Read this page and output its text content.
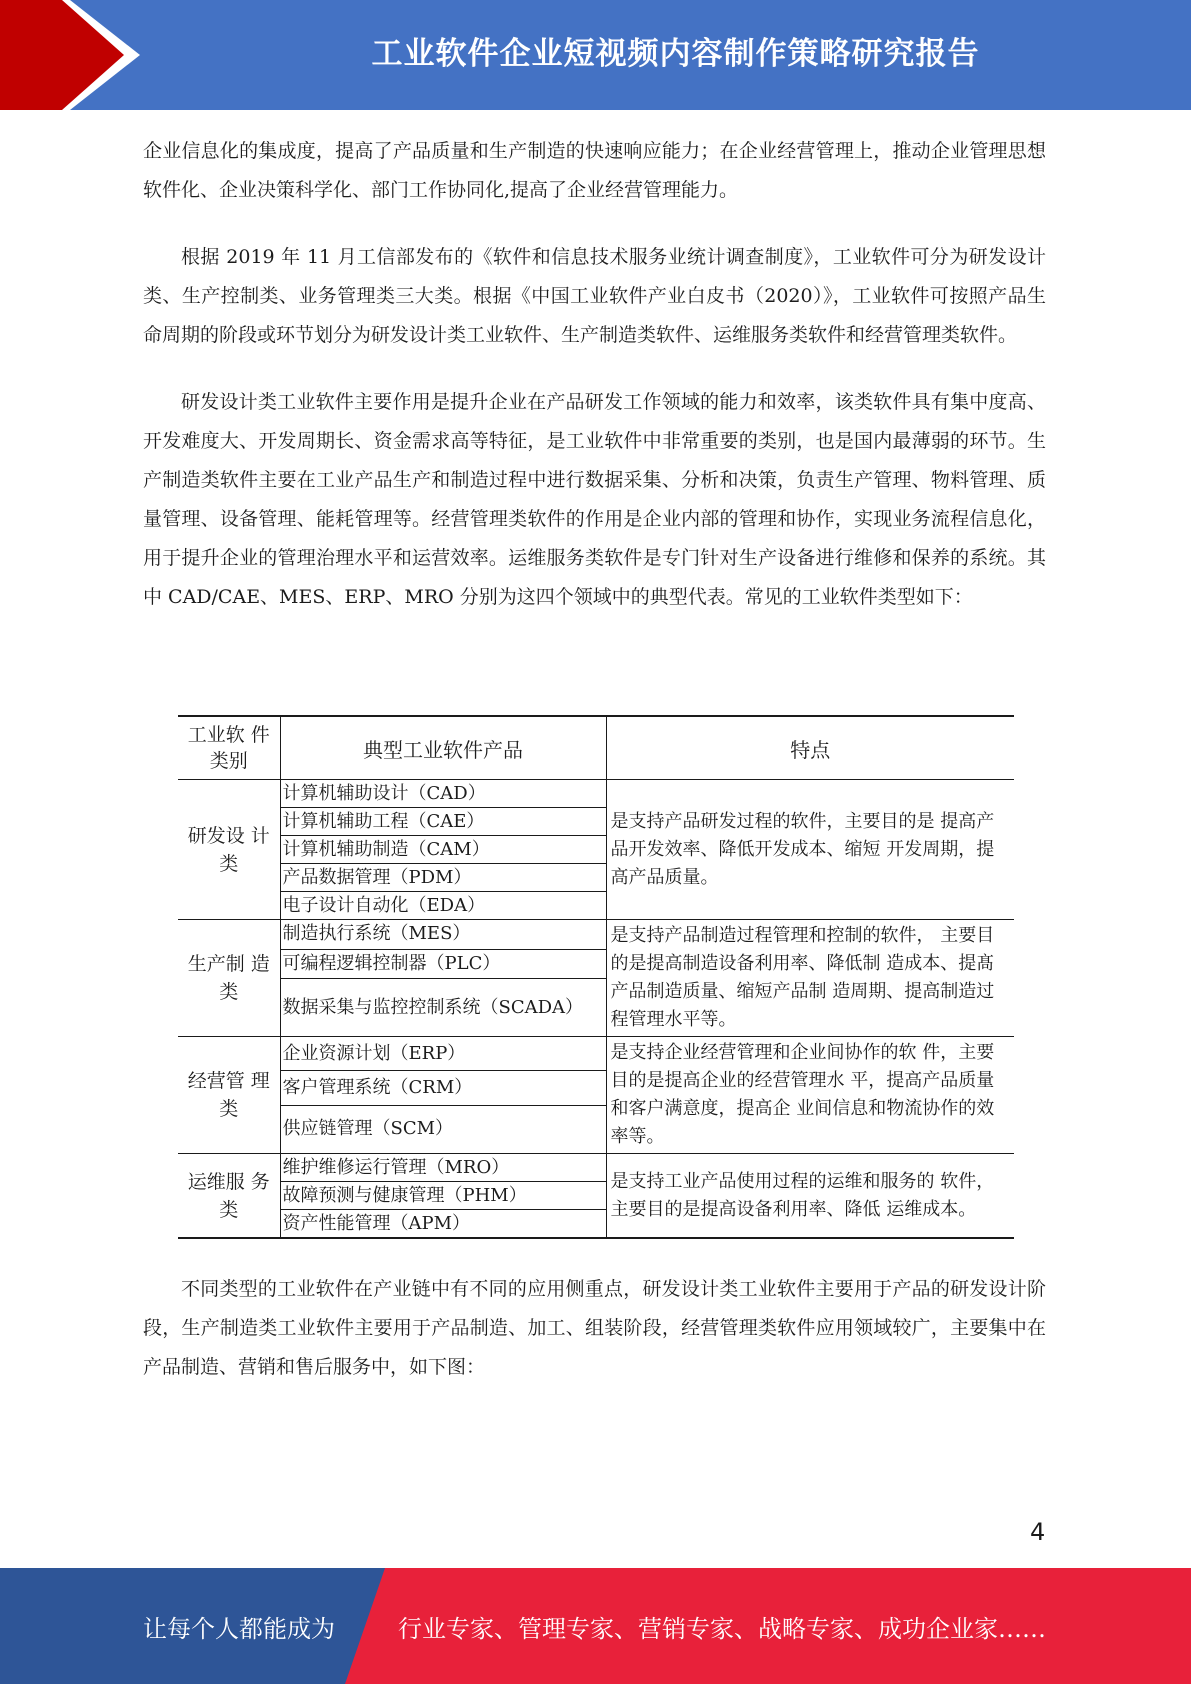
工业软件企业短视频内容制作策略研究报告

企业信息化的集成度，提高了产品质量和生产制造的快速响应能力；在企业经营管理上，推动企业管理思想软件化、企业决策科学化、部门工作协同化,提高了企业经营管理能力。

根据 2019 年 11 月工信部发布的《软件和信息技术服务业统计调查制度》，工业软件可分为研发设计类、生产控制类、业务管理类三大类。根据《中国工业软件产业白皮书（2020）》，工业软件可按照产品生命周期的阶段或环节划分为研发设计类工业软件、生产制造类软件、运维服务类软件和经营管理类软件。

研发设计类工业软件主要作用是提升企业在产品研发工作领域的能力和效率，该类软件具有集中度高、开发难度大、开发周期长、资金需求高等特征，是工业软件中非常重要的类别，也是国内最薄弱的环节。生产制造类软件主要在工业产品生产和制造过程中进行数据采集、分析和决策，负责生产管理、物料管理、质量管理、设备管理、能耗管理等。经营管理类软件的作用是企业内部的管理和协作，实现业务流程信息化，用于提升企业的管理治理水平和运营效率。运维服务类软件是专门针对生产设备进行维修和保养的系统。其中 CAD/CAE、MES、ERP、MRO 分别为这四个领域中的典型代表。常见的工业软件类型如下：

工业软 件类别	典型工业软件产品	特点
研发设 计类	计算机辅助设计（CAD）	是支持产品研发过程的软件，主要目的是 提高产品开发效率、降低开发成本、缩短 开发周期，提高产品质量。
	计算机辅助工程（CAE）	
	计算机辅助制造（CAM）	
	产品数据管理（PDM）	
	电子设计自动化（EDA）	
生产制 造类	制造执行系统（MES）	是支持产品制造过程管理和控制的软件， 主要目的是提高制造设备利用率、降低制 造成本、提髙产品制造质量、缩短产品制 造周期、提高制造过程管理水平等。
	可编程逻辑控制器（PLC）	
	数据采集与监控控制系统（SCADA）	
经营管 理类	企业资源计划（ERP）	是支持企业经营管理和企业间协作的软 件，主要目的是提高企业的经营管理水 平，提高产品质量和客户满意度，提高企 业间信息和物流协作的效率等。
	客户管理系统（CRM）	
	供应链管理（SCM）	
运维服 务类	维护维修运行管理（MRO）	是支持工业产品使用过程的运维和服务的 软件，主要目的是提高设备利用率、降低 运维成本。
	故障预测与健康管理（PHM）	
	资产性能管理（APM）	

不同类型的工业软件在产业链中有不同的应用侧重点，研发设计类工业软件主要用于产品的研发设计阶段，生产制造类工业软件主要用于产品制造、加工、组装阶段，经营管理类软件应用领域较广，主要集中在产品制造、营销和售后服务中，如下图：

4
让每个人都能成为	行业专家、管理专家、营销专家、战略专家、成功企业家……
